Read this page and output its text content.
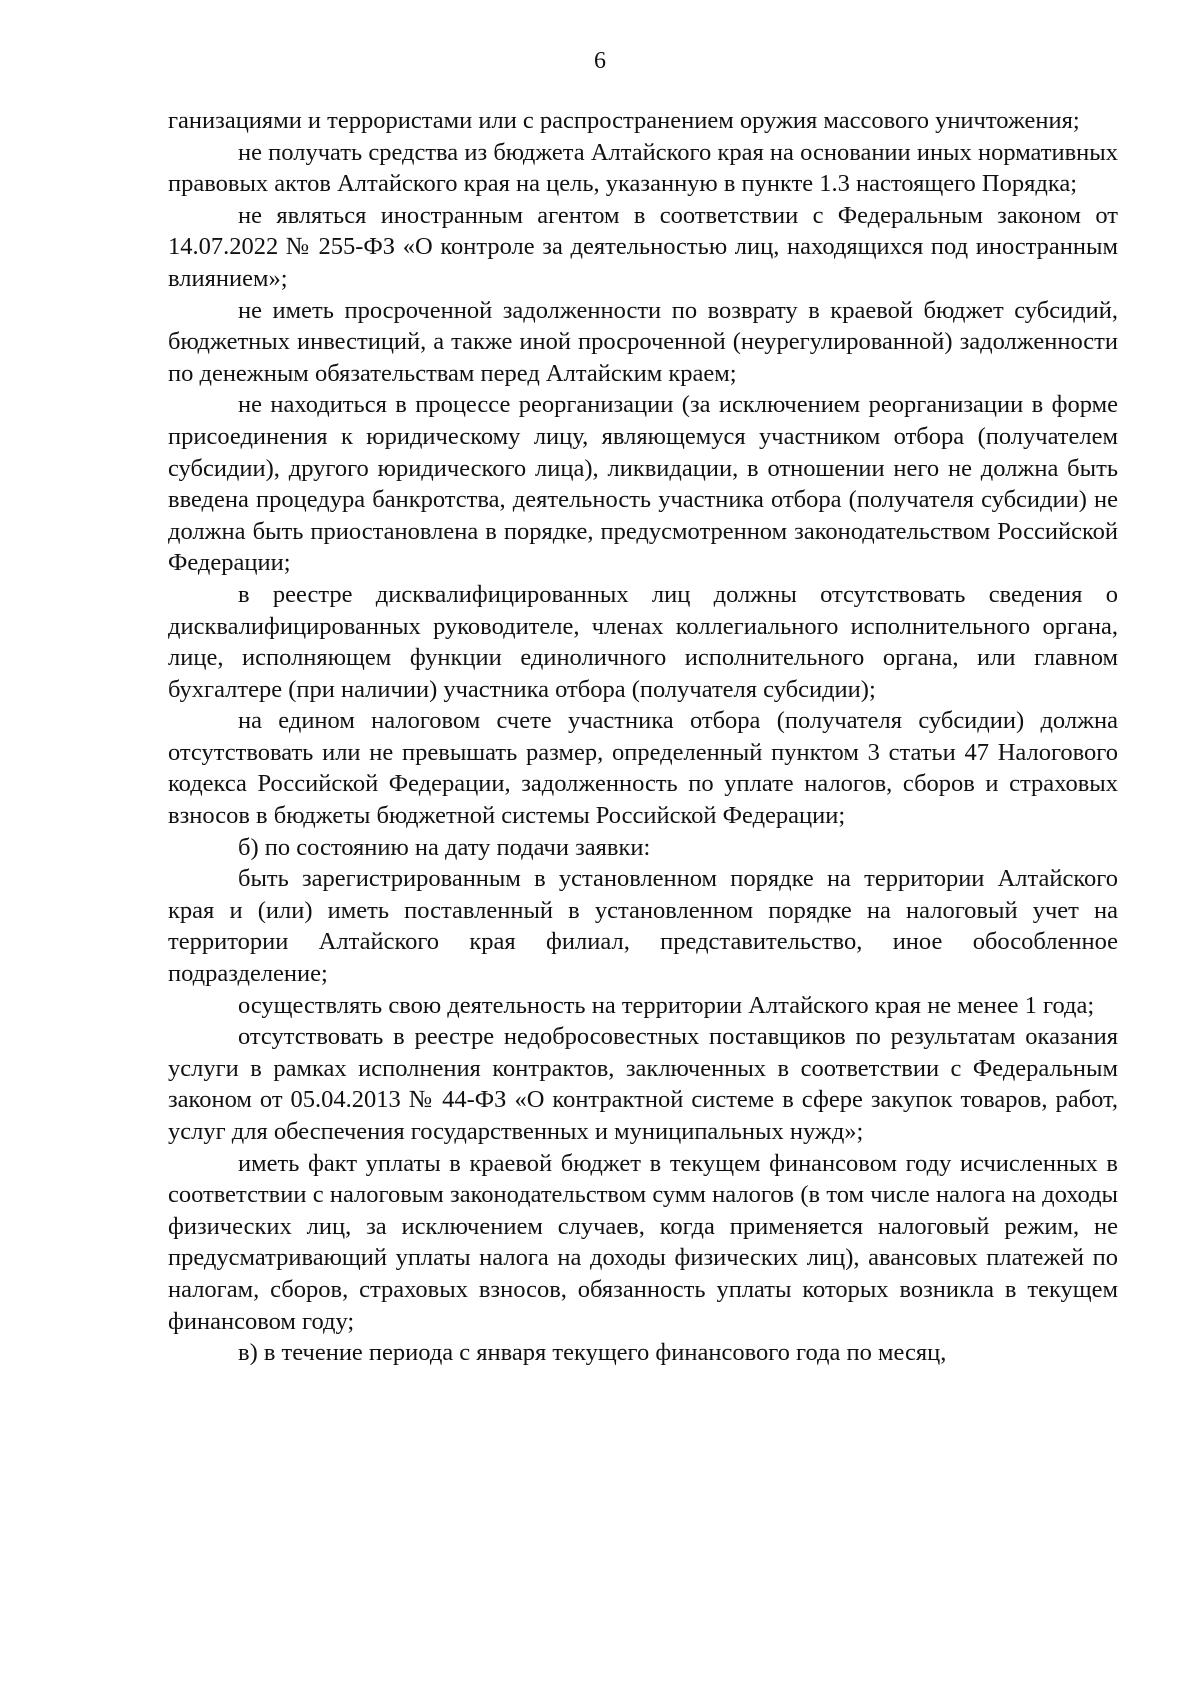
6

ганизациями и террористами или с распространением оружия массового уничтожения;

не получать средства из бюджета Алтайского края на основании иных нормативных правовых актов Алтайского края на цель, указанную в пункте 1.3 настоящего Порядка;

не являться иностранным агентом в соответствии с Федеральным законом от 14.07.2022 № 255-ФЗ «О контроле за деятельностью лиц, находящихся под иностранным влиянием»;

не иметь просроченной задолженности по возврату в краевой бюджет субсидий, бюджетных инвестиций, а также иной просроченной (неурегулированной) задолженности по денежным обязательствам перед Алтайским краем;

не находиться в процессе реорганизации (за исключением реорганизации в форме присоединения к юридическому лицу, являющемуся участником отбора (получателем субсидии), другого юридического лица), ликвидации, в отношении него не должна быть введена процедура банкротства, деятельность участника отбора (получателя субсидии) не должна быть приостановлена в порядке, предусмотренном законодательством Российской Федерации;

в реестре дисквалифицированных лиц должны отсутствовать сведения о дисквалифицированных руководителе, членах коллегиального исполнительного органа, лице, исполняющем функции единоличного исполнительного органа, или главном бухгалтере (при наличии) участника отбора (получателя субсидии);

на едином налоговом счете участника отбора (получателя субсидии) должна отсутствовать или не превышать размер, определенный пунктом 3 статьи 47 Налогового кодекса Российской Федерации, задолженность по уплате налогов, сборов и страховых взносов в бюджеты бюджетной системы Российской Федерации;

б) по состоянию на дату подачи заявки:

быть зарегистрированным в установленном порядке на территории Алтайского края и (или) иметь поставленный в установленном порядке на налоговый учет на территории Алтайского края филиал, представительство, иное обособленное подразделение;

осуществлять свою деятельность на территории Алтайского края не менее 1 года;

отсутствовать в реестре недобросовестных поставщиков по результатам оказания услуги в рамках исполнения контрактов, заключенных в соответствии с Федеральным законом от 05.04.2013 № 44-ФЗ «О контрактной системе в сфере закупок товаров, работ, услуг для обеспечения государственных и муниципальных нужд»;

иметь факт уплаты в краевой бюджет в текущем финансовом году исчисленных в соответствии с налоговым законодательством сумм налогов (в том числе налога на доходы физических лиц, за исключением случаев, когда применяется налоговый режим, не предусматривающий уплаты налога на доходы физических лиц), авансовых платежей по налогам, сборов, страховых взносов, обязанность уплаты которых возникла в текущем финансовом году;

в) в течение периода с января текущего финансового года по месяц,
